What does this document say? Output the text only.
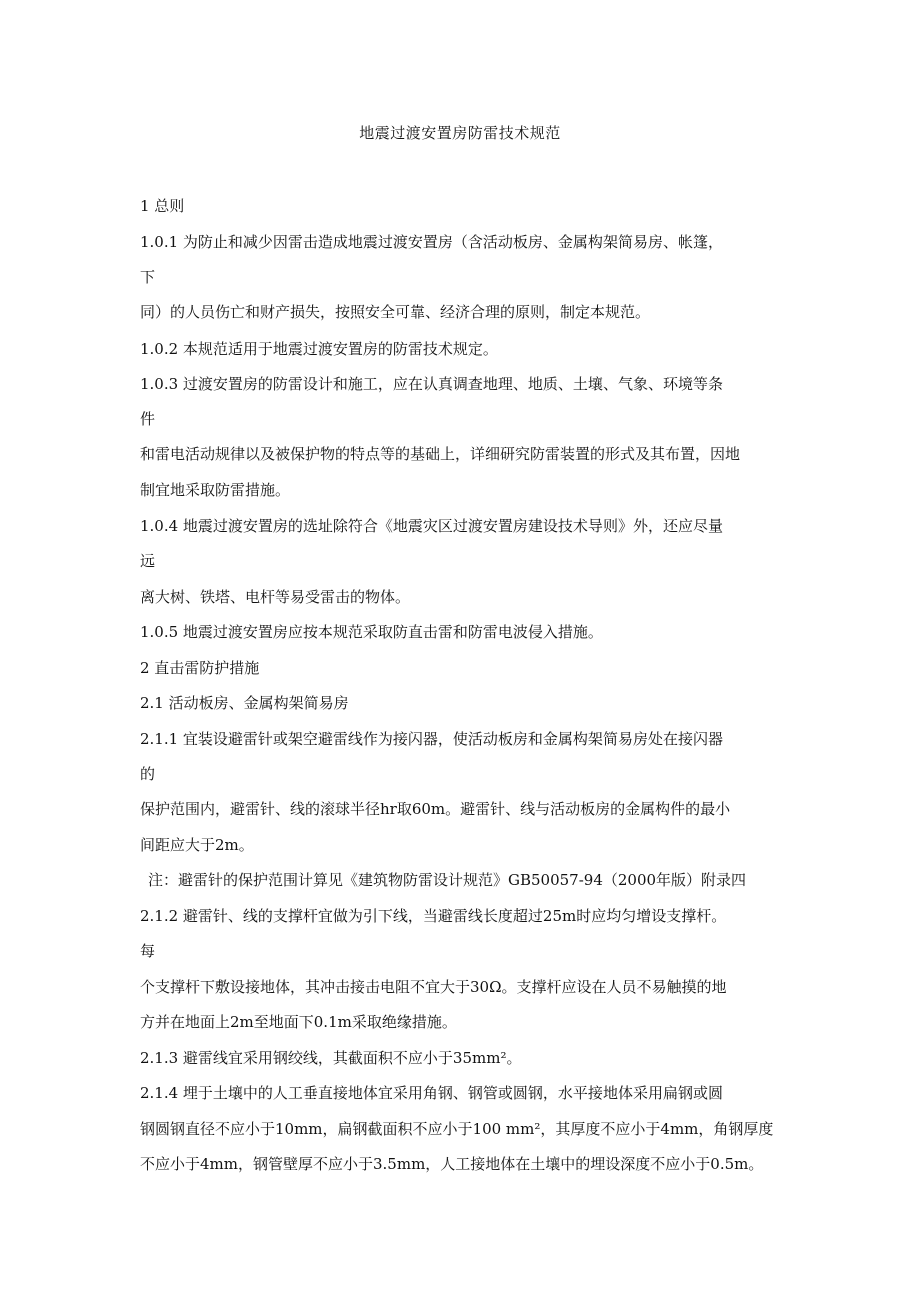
地震过渡安置房防雷技术规范
1 总则
1.0.1 为防止和减少因雷击造成地震过渡安置房（含活动板房、金属构架简易房、帐篷，
下
同）的人员伤亡和财产损失，按照安全可靠、经济合理的原则，制定本规范。
1.0.2 本规范适用于地震过渡安置房的防雷技术规定。
1.0.3 过渡安置房的防雷设计和施工，应在认真调查地理、地质、土壤、气象、环境等条
件
和雷电活动规律以及被保护物的特点等的基础上，详细研究防雷装置的形式及其布置，因地
制宜地采取防雷措施。
1.0.4 地震过渡安置房的选址除符合《地震灾区过渡安置房建设技术导则》外，还应尽量
远
离大树、铁塔、电杆等易受雷击的物体。
1.0.5 地震过渡安置房应按本规范采取防直击雷和防雷电波侵入措施。
2 直击雷防护措施
2.1 活动板房、金属构架简易房
2.1.1 宜装设避雷针或架空避雷线作为接闪器，使活动板房和金属构架简易房处在接闪器
的
保护范围内，避雷针、线的滚球半径hr取60m。避雷针、线与活动板房的金属构件的最小
间距应大于2m。
注：避雷针的保护范围计算见《建筑物防雷设计规范》GB50057-94（2000年版）附录四
2.1.2 避雷针、线的支撑杆宜做为引下线，当避雷线长度超过25m时应均匀增设支撑杆。
每
个支撑杆下敷设接地体，其冲击接击电阻不宜大于30Ω。支撑杆应设在人员不易触摸的地
方并在地面上2m至地面下0.1m采取绝缘措施。
2.1.3 避雷线宜采用钢绞线，其截面积不应小于35mm²。
2.1.4 埋于土壤中的人工垂直接地体宜采用角钢、钢管或圆钢，水平接地体采用扁钢或圆
钢圆钢直径不应小于10mm，扁钢截面积不应小于100 mm²，其厚度不应小于4mm，角钢厚度
不应小于4mm，钢管壁厚不应小于3.5mm，人工接地体在土壤中的埋设深度不应小于0.5m。
